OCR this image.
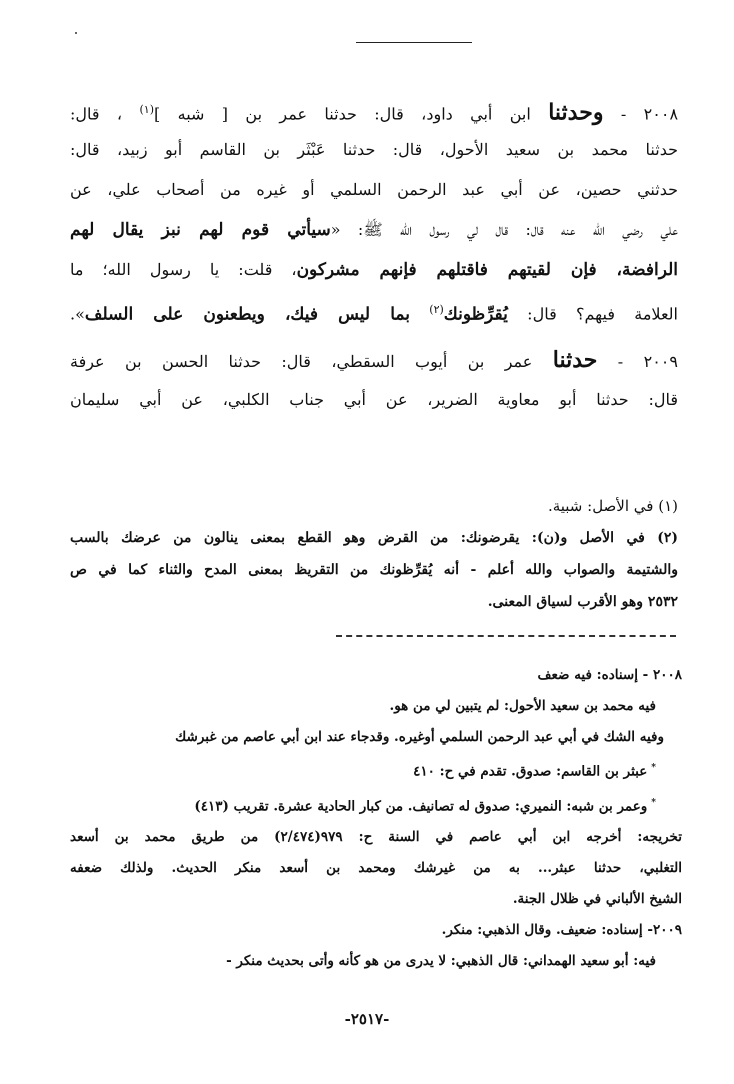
٢٠٠٨ - وحدثنا ابن أبي داود، قال: حدثنا عمر بن [ شبه ]$^{(١)}$ ، قال:
حدثنا محمد بن سعيد الأحول، قال: حدثنا عَبْثَر بن القاسم أبو زبيد، قال:
حدثني حصين، عن أبي عبد الرحمن السلمي أو غيره من أصحاب علي، عن
علي رضي الله عنه قال: قال لي رسول الله ﷺ: «سيأتي قوم لهم نبز يقال لهم
الرافضة، فإن لقيتهم فاقتلهم فإنهم مشركون، قلت: يا رسول الله؛ ما
العلامة فيهم؟ قال: يُقرِّظونك$^{(٢)}$ بما ليس فيك، ويطعنون على السلف».
٢٠٠٩ - حدثنا عمر بن أيوب السقطي، قال: حدثنا الحسن بن عرفة
قال: حدثنا أبو معاوية الضرير، عن أبي جناب الكلبي، عن أبي سليمان
(١) في الأصل: شبية.
(٢) في الأصل و(ن): يقرضونك: من القرض وهو القطع بمعنى ينالون من عرضك بالسب
والشتيمة والصواب والله أعلم - أنه يُقرِّظونك من التقريظ بمعنى المدح والثناء كما في ص
٢٥٣٢ وهو الأقرب لسياق المعنى.
٢٠٠٨ - إسناده: فيه ضعف
فيه محمد بن سعيد الأحول: لم يتبين لي من هو.
وفيه الشك في أبي عبد الرحمن السلمي أوغيره. وقدجاء عند ابن أبي عاصم من غبرشك
*عبثر بن القاسم: صدوق. تقدم في ح: ٤١٠
*وعمر بن شبه: النميري: صدوق له تصانيف. من كبار الحادية عشرة. تقريب (٤١٣)
تخريجه: أخرجه ابن أبي عاصم في السنة ح: ٩٧٩(٢/٤٧٤) من طريق محمد بن أسعد
التغلبي، حدثنا عبثر... به من غيرشك ومحمد بن أسعد منكر الحديث. ولذلك ضعفه
الشيخ الألباني في ظلال الجنة.
٢٠٠٩- إسناده: ضعيف. وقال الذهبي: منكر.
فيه: أبو سعيد الهمداني: قال الذهبي: لا يدرى من هو كأنه وأتى بحديث منكر -
-٢٥١٧-
